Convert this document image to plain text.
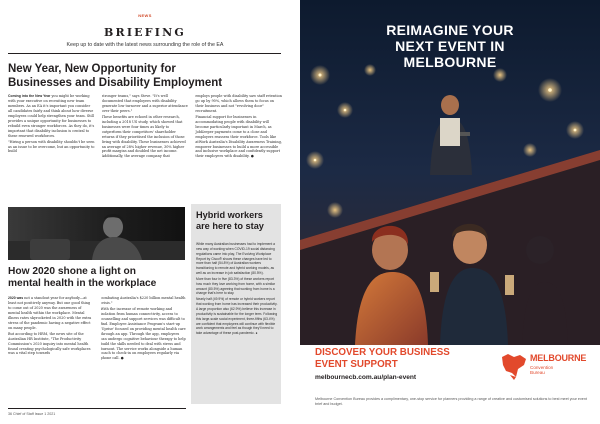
NEWS
BRIEFING
Keep up to date with the latest news surrounding the role of the EA
New Year, New Opportunity for
Businesses and Disability Employment

Coming into the New Year you might be working with your executive on recruiting new team members. As an EA it's important you consider all candidates fairly and think about how diverse employees could help strengthen your team. Still provides a unique opportunity for businesses to rebuild even stronger workforces. As they do, it's important that disability inclusion is central to these renewed workforces.

"Hiring a person with disability shouldn't be seen as an issue to be overcome, but an opportunity to build

stronger teams," says Steve. "It's well documented that employees with disability generate low turnover and a superior attendance over their peers."

These benefits are echoed in other research, including a 2018 US study, which showed that businesses were four times as likely to outperform their competitors' shareholder returns if they prioritised the inclusion of those living with disability. These businesses achieved an average of 28% higher revenue, 30% higher profit margins and doubled the net income. Additionally, the average company that

employs people with disability saw staff retention go up by 90%, which allows them to focus on their business and not "revolving door" recruitment.

Financial support for businesses in accommodating people with disability will become particularly important in March, as JobKeeper payments come to a close and employers reassess their workforce. Tools like atWork Australia's Disability Awareness Training, empower businesses to build a more accessible and inclusive workplace and confidently support their employees with disability. ●

Hybrid workers
are here to stay

While many Australian businesses had to implement a new way of working when COVID-19 social distancing regulations came into play, The Evolving Workplace Report by Cisco® shows these changes have led to more than half (54.8%) of Australian workers transitioning to remote and hybrid working models, as well as an increase in job satisfaction (80.5%).

More than four in five (83.3%) of these workers report how much they love working from home, with a similar amount (80.5%) agreeing that working from home is a change that's here to stay.

Nearly half (49.9%) of remote or hybrid workers report that working from home has increased their productivity. A large proportion also (62.9%) believe this increase in productivity is sustainable for the longer term. Following this large-scale social experiment, three-fifths (63.4%) are confident that employees will continue with flexible work arrangements and feel as though they'll need to take advantage of these post-pandemic. ●

How 2020 shone a light on
mental health in the workplace

2020 was not a standout year for anybody—at least not positively anyway. But one good thing to come out of 2020 was the awareness of mental health within the workplace. Mental illness rates skyrocketed in 2020 with the extra stress of the pandemic having a negative effect on many people.

But according to HRM, the news site of the Australian HR Institute, "The Productivity Commission's 2020 inquiry into mental health found creating psychologically safe workplaces was a vital step towards

combating Australia's $220 billion mental health crisis."

With the increase of remote working and isolation from human connectivity, access to counselling and support services was difficult to find. Employee Assistance Program's start-up 'Uprise' focused on providing mental health care through an app. Through the app, employees can undergo cognitive behaviour therapy to help build the skills needed to deal with stress and burnout. The service works alongside a human coach to check-in on employees regularly via phone call. ●

36 Chief of Staff Issue 1 2021
REIMAGINE YOUR
NEXT EVENT IN
MELBOURNE
DISCOVER YOUR BUSINESS
EVENT SUPPORT
melbournecb.com.au/plan-event
MELBOURNE
Convention
Bureau
Melbourne Convention Bureau provides a complimentary, one-stop service for planners providing a range of creative and customised solutions to best meet your event brief and budget.
